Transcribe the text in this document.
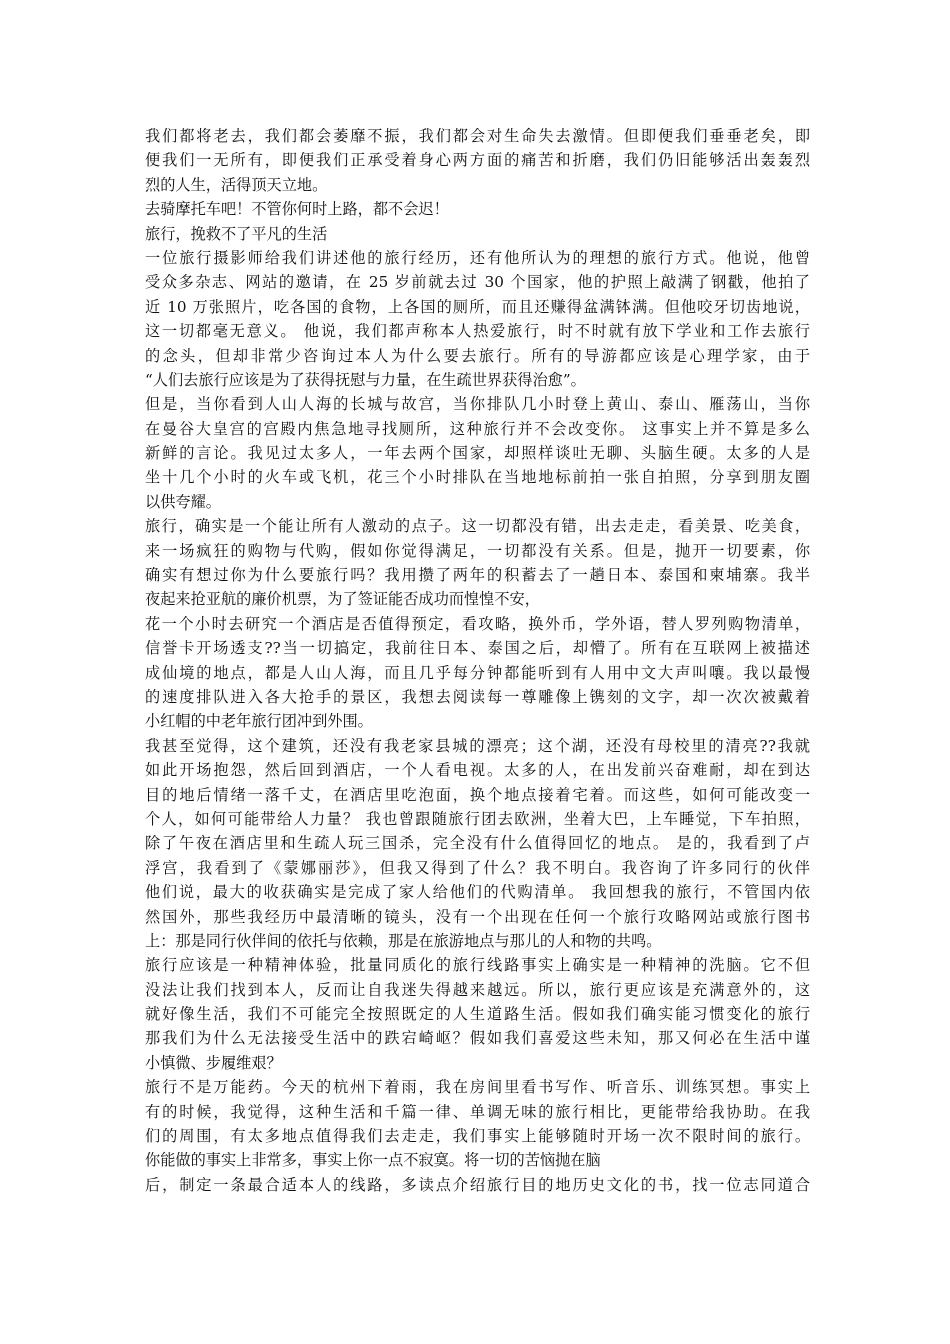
我们都将老去，我们都会萎靡不振，我们都会对生命失去激情。但即便我们垂垂老矣，即
便我们一无所有，即便我们正承受着身心两方面的痛苦和折磨，我们仍旧能够活出轰轰烈
烈的人生，活得顶天立地。
去骑摩托车吧！不管你何时上路，都不会迟！
旅行，挽救不了平凡的生活
一位旅行摄影师给我们讲述他的旅行经历，还有他所认为的理想的旅行方式。他说，他曾
受众多杂志、网站的邀请，在 25 岁前就去过 30 个国家，他的护照上敲满了钢戳，他拍了
近 10 万张照片，吃各国的食物，上各国的厕所，而且还赚得盆满钵满。但他咬牙切齿地说，
这一切都毫无意义。 他说，我们都声称本人热爱旅行，时不时就有放下学业和工作去旅行
的念头，但却非常少咨询过本人为什么要去旅行。所有的导游都应该是心理学家，由于
“人们去旅行应该是为了获得抚慰与力量，在生疏世界获得治愈”。
但是，当你看到人山人海的长城与故宫，当你排队几小时登上黄山、泰山、雁荡山，当你
在曼谷大皇宫的宫殿内焦急地寻找厕所，这种旅行并不会改变你。 这事实上并不算是多么
新鲜的言论。我见过太多人，一年去两个国家，却照样谈吐无聊、头脑生硬。太多的人是
坐十几个小时的火车或飞机，花三个小时排队在当地地标前拍一张自拍照，分享到朋友圈
以供夸耀。
旅行，确实是一个能让所有人激动的点子。这一切都没有错，出去走走，看美景、吃美食，
来一场疯狂的购物与代购，假如你觉得满足，一切都没有关系。但是，抛开一切要素，你
确实有想过你为什么要旅行吗？我用攒了两年的积蓄去了一趟日本、泰国和柬埔寨。我半
夜起来抢亚航的廉价机票，为了签证能否成功而惶惶不安，
花一个小时去研究一个酒店是否值得预定，看攻略，换外币，学外语，替人罗列购物清单，
信誉卡开场透支??当一切搞定，我前往日本、泰国之后，却懵了。所有在互联网上被描述
成仙境的地点，都是人山人海，而且几乎每分钟都能听到有人用中文大声叫嚷。我以最慢
的速度排队进入各大抢手的景区，我想去阅读每一尊雕像上镌刻的文字，却一次次被戴着
小红帽的中老年旅行团冲到外围。
我甚至觉得，这个建筑，还没有我老家县城的漂亮；这个湖，还没有母校里的清亮??我就
如此开场抱怨，然后回到酒店，一个人看电视。太多的人，在出发前兴奋难耐，却在到达
目的地后情绪一落千丈，在酒店里吃泡面，换个地点接着宅着。而这些，如何可能改变一
个人，如何可能带给人力量？ 我也曾跟随旅行团去欧洲，坐着大巴，上车睡觉，下车拍照，
除了午夜在酒店里和生疏人玩三国杀，完全没有什么值得回忆的地点。 是的，我看到了卢
浮宫，我看到了《蒙娜丽莎》，但我又得到了什么？我不明白。我咨询了许多同行的伙伴
他们说，最大的收获确实是完成了家人给他们的代购清单。 我回想我的旅行，不管国内依
然国外，那些我经历中最清晰的镜头，没有一个出现在任何一个旅行攻略网站或旅行图书
上：那是同行伙伴间的依托与依赖，那是在旅游地点与那儿的人和物的共鸣。
旅行应该是一种精神体验，批量同质化的旅行线路事实上确实是一种精神的洗脑。它不但
没法让我们找到本人，反而让自我迷失得越来越远。所以，旅行更应该是充满意外的，这
就好像生活，我们不可能完全按照既定的人生道路生活。假如我们确实能习惯变化的旅行
那我们为什么无法接受生活中的跌宕崎岖？假如我们喜爱这些未知，那又何必在生活中谨
小慎微、步履维艰？
旅行不是万能药。今天的杭州下着雨，我在房间里看书写作、听音乐、训练冥想。事实上
有的时候，我觉得，这种生活和千篇一律、单调无味的旅行相比，更能带给我协助。在我
们的周围，有太多地点值得我们去走走，我们事实上能够随时开场一次不限时间的旅行。
你能做的事实上非常多，事实上你一点不寂寞。将一切的苦恼抛在脑
后，制定一条最合适本人的线路，多读点介绍旅行目的地历史文化的书，找一位志同道合
